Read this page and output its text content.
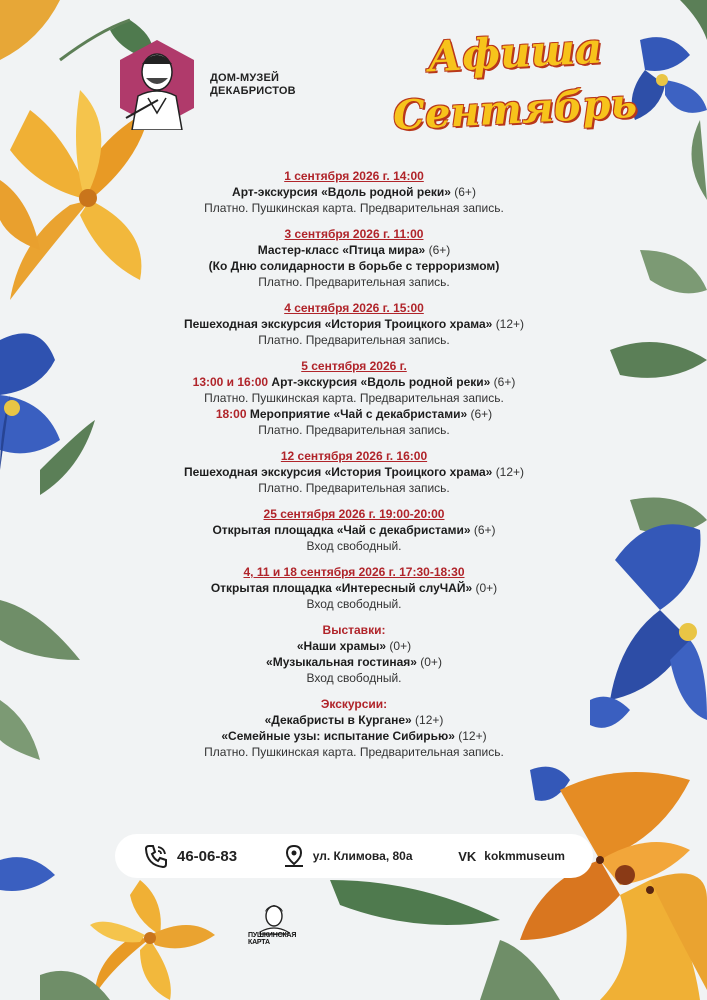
ДОМ-МУЗЕЙ ДЕКАБРИСТОВ
Афиша
Сентябрь
1 сентября 2026 г. 14:00
Арт-экскурсия «Вдоль родной реки» (6+)
Платно. Пушкинская карта. Предварительная запись.
3 сентября 2026 г. 11:00
Мастер-класс «Птица мира» (6+)
(Ко Дню солидарности в борьбе с терроризмом)
Платно. Предварительная запись.
4 сентября 2026 г. 15:00
Пешеходная экскурсия «История Троицкого храма» (12+)
Платно. Предварительная запись.
5 сентября 2026 г.
13:00 и 16:00 Арт-экскурсия «Вдоль родной реки» (6+)
Платно. Пушкинская карта. Предварительная запись.
18:00 Мероприятие «Чай с декабристами» (6+)
Платно. Предварительная запись.
12 сентября 2026 г. 16:00
Пешеходная экскурсия «История Троицкого храма» (12+)
Платно. Предварительная запись.
25 сентября 2026 г. 19:00-20:00
Открытая площадка «Чай с декабристами» (6+)
Вход свободный.
4, 11 и 18 сентября 2026 г. 17:30-18:30
Открытая площадка «Интересный слуЧАЙ» (0+)
Вход свободный.
Выставки:
«Наши храмы» (0+)
«Музыкальная гостиная» (0+)
Вход свободный.
Экскурсии:
«Декабристы в Кургане» (12+)
«Семейные узы: испытание Сибирью» (12+)
Платно. Пушкинская карта. Предварительная запись.
46-06-83	ул. Климова, 80а	VK kokmmuseum
ПУШКИНСКАЯ КАРТА
